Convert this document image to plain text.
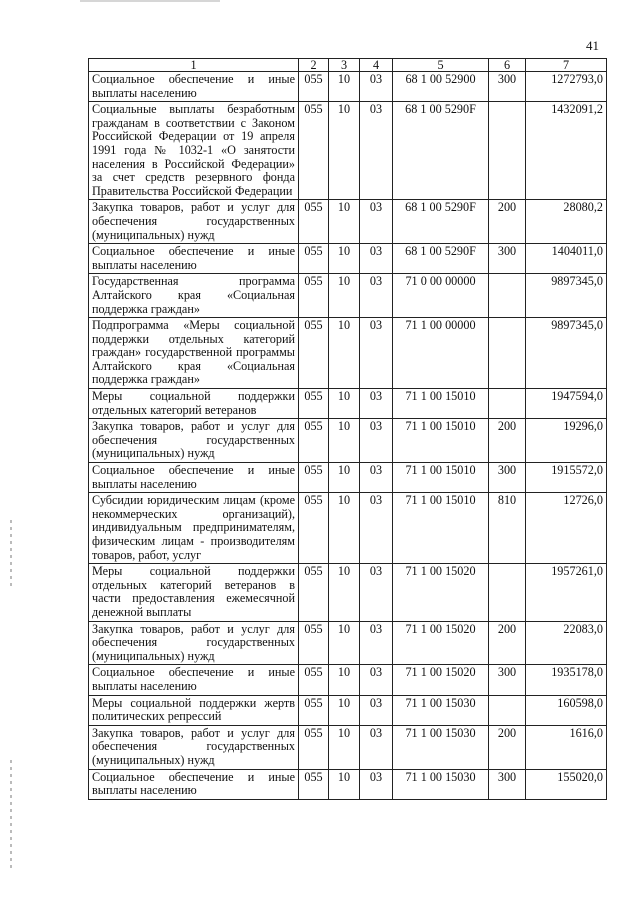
41
1	2	3	4	5	6	7
Социальное обеспечение и иные выплаты населению	055	10	03	68 1 00 52900	300	1272793,0
Социальные выплаты безработным гражданам в соответствии с Законом Российской Федерации от 19 апреля 1991 года № 1032-1 «О занятости населения в Российской Федерации» за счет средств резервного фонда Правительства Российской Федерации	055	10	03	68 1 00 5290F		1432091,2
Закупка товаров, работ и услуг для обеспечения государственных (муниципальных) нужд	055	10	03	68 1 00 5290F	200	28080,2
Социальное обеспечение и иные выплаты населению	055	10	03	68 1 00 5290F	300	1404011,0
Государственная программа Алтайского края «Социальная поддержка граждан»	055	10	03	71 0 00 00000		9897345,0
Подпрограмма «Меры социальной поддержки отдельных категорий граждан» государственной программы Алтайского края «Социальная поддержка граждан»	055	10	03	71 1 00 00000		9897345,0
Меры социальной поддержки отдельных категорий ветеранов	055	10	03	71 1 00 15010		1947594,0
Закупка товаров, работ и услуг для обеспечения государственных (муниципальных) нужд	055	10	03	71 1 00 15010	200	19296,0
Социальное обеспечение и иные выплаты населению	055	10	03	71 1 00 15010	300	1915572,0
Субсидии юридическим лицам (кроме некоммерческих организаций), индивидуальным предпринимателям, физическим лицам - производителям товаров, работ, услуг	055	10	03	71 1 00 15010	810	12726,0
Меры социальной поддержки отдельных категорий ветеранов в части предоставления ежемесячной денежной выплаты	055	10	03	71 1 00 15020		1957261,0
Закупка товаров, работ и услуг для обеспечения государственных (муниципальных) нужд	055	10	03	71 1 00 15020	200	22083,0
Социальное обеспечение и иные выплаты населению	055	10	03	71 1 00 15020	300	1935178,0
Меры социальной поддержки жертв политических репрессий	055	10	03	71 1 00 15030		160598,0
Закупка товаров, работ и услуг для обеспечения государственных (муниципальных) нужд	055	10	03	71 1 00 15030	200	1616,0
Социальное обеспечение и иные выплаты населению	055	10	03	71 1 00 15030	300	155020,0
